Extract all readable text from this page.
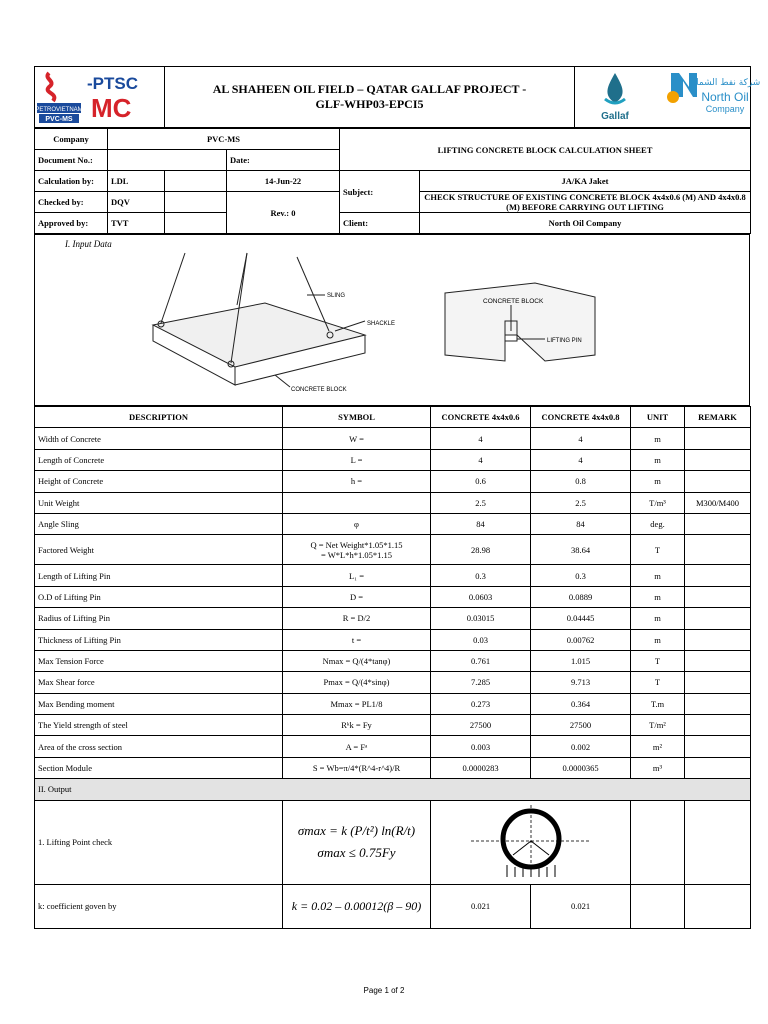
PETROVIETNAM
PVC-MS
-PTSC
MC

AL SHAHEEN OIL FIELD – QATAR GALLAF PROJECT -
GLF-WHP03-EPCI5

Gallaf
شركة نفط الشمال
North Oil
Company
Company	PVC-MS			LIFTING CONCRETE BLOCK CALCULATION SHEET	
Document No.:			Date:		
Calculation by:	LDL		14-Jun-22	Subject:	JA/KA Jaket
Checked by:	DQV		Rev.: 0		CHECK STRUCTURE OF EXISTING CONCRETE BLOCK 4x4x0.6 (M) AND 4x4x0.8 (M) BEFORE CARRYING OUT LIFTING
Approved by:	TVT			Client:	North Oil Company
I. Input Data
SLING
SHACKLE
CONCRETE BLOCK
CONCRETE BLOCK
LIFTING PIN
DESCRIPTION	SYMBOL	CONCRETE 4x4x0.6	CONCRETE 4x4x0.8	UNIT	REMARK
Width of Concrete	W =	4	4	m	
Length of Concrete	L =	4	4	m	
Height of Concrete	h =	0.6	0.8	m	
Unit Weight		2.5	2.5	T/m³	M300/M400
Angle Sling	φ	84	84	deg.	
Factored Weight	Q = Net Weight*1.05*1.15
= W*L*h*1.05*1.15	28.98	38.64	T	
Length of Lifting Pin	L₁ =	0.3	0.3	m	
O.D of Lifting Pin	D =	0.0603	0.0889	m	
Radius of Lifting Pin	R = D/2	0.03015	0.04445	m	
Thickness of Lifting Pin	t =	0.03	0.00762	m	
Max Tension Force	Nmax = Q/(4*tanφ)	0.761	1.015	T	
Max Shear force	Pmax = Q/(4*sinφ)	7.285	9.713	T	
Max Bending moment	Mmax = PL1/8	0.273	0.364	T.m	
The Yield strength of steel	Rᵏk = Fy	27500	27500	T/m²	
Area of the cross section	A = Fᵃ	0.003	0.002	m²	
Section Module	S = Wb=π/4*(R^4-r^4)/R	0.0000283	0.0000365	m³	
II. Output					
1. Lifting Point check	σmax = k (P/t²) ln(R/t)
σmax ≤ 0.75Fy

k: coefficient goven by	k = 0.02 – 0.00012(β – 90)	0.021	0.021		
Page 1 of 2
